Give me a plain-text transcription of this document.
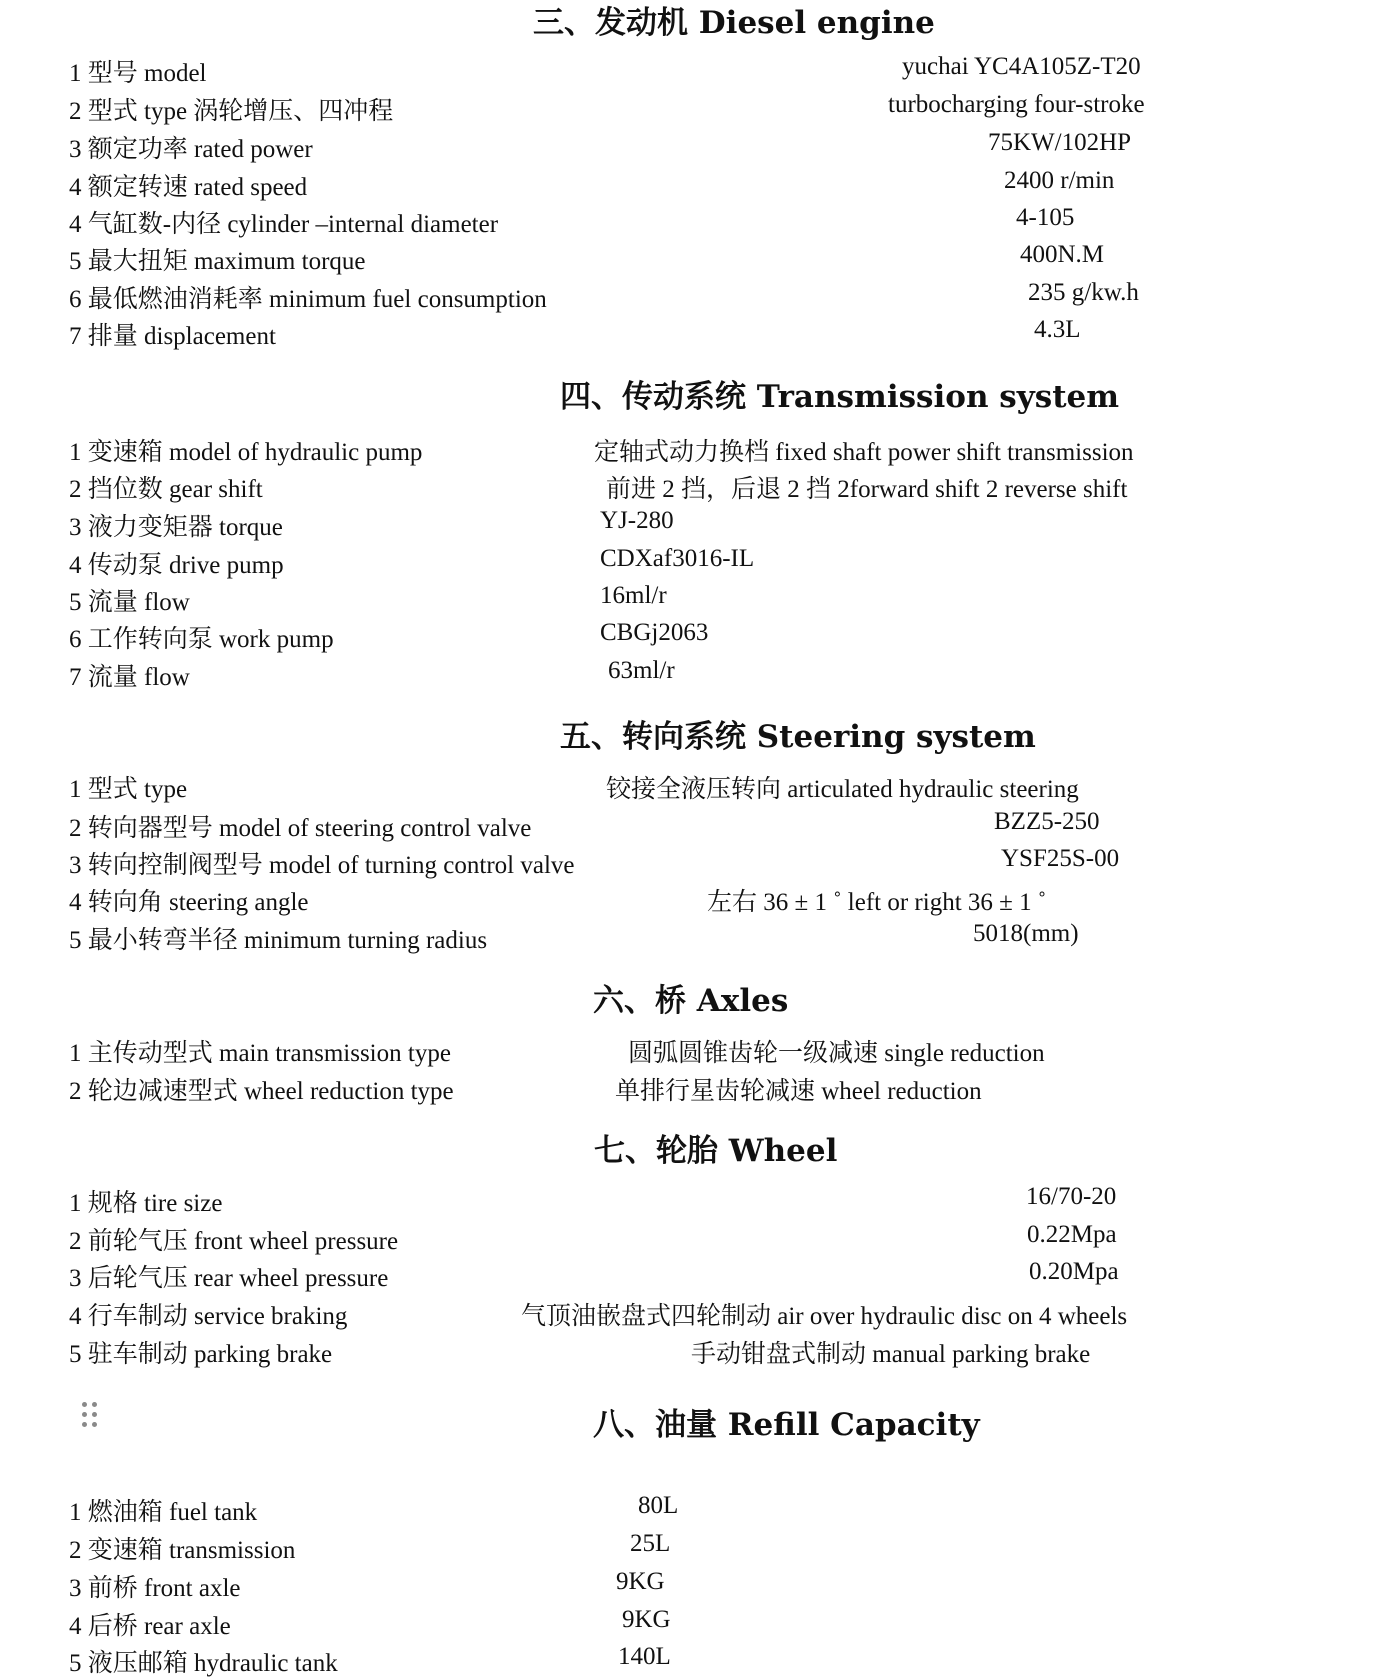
三、发动机 Diesel engine
1 型号 model	yuchai YC4A105Z-T20
2 型式 type 涡轮增压、四冲程	turbocharging four-stroke
3 额定功率 rated power	75KW/102HP
4 额定转速 rated speed	2400 r/min
4 气缸数-内径 cylinder –internal diameter	4-105
5 最大扭矩 maximum torque	400N.M
6 最低燃油消耗率 minimum fuel consumption	235 g/kw.h
7 排量 displacement	4.3L
四、传动系统 Transmission system
1 变速箱 model of hydraulic pump	定轴式动力换档 fixed shaft power shift transmission
2 挡位数 gear shift	前进 2 挡，后退 2 挡 2forward shift 2 reverse shift
3 液力变矩器 torque	YJ-280
4 传动泵 drive pump	CDXaf3016-IL
5 流量 flow	16ml/r
6 工作转向泵 work pump	CBGj2063
7 流量 flow	63ml/r
五、转向系统 Steering system
1 型式 type	铰接全液压转向 articulated hydraulic steering
2 转向器型号 model of steering control valve	BZZ5-250
3 转向控制阀型号 model of turning control valve	YSF25S-00
4 转向角 steering angle	左右 36 ± 1 ˚ left or right 36 ± 1 ˚
5 最小转弯半径 minimum turning radius	5018(mm)
六、桥 Axles
1 主传动型式 main transmission type	圆弧圆锥齿轮一级减速 single reduction
2 轮边减速型式 wheel reduction type	单排行星齿轮减速 wheel reduction
七、轮胎 Wheel
1 规格 tire size	16/70-20
2 前轮气压 front wheel pressure	0.22Mpa
3 后轮气压 rear wheel pressure	0.20Mpa
4 行车制动 service braking	气顶油嵌盘式四轮制动 air over hydraulic disc on 4 wheels
5 驻车制动 parking brake	手动钳盘式制动 manual parking brake
八、油量 Refill Capacity
1 燃油箱 fuel tank	80L
2 变速箱 transmission	25L
3 前桥 front axle	9KG
4 后桥 rear axle	9KG
5 液压邮箱 hydraulic tank	140L
